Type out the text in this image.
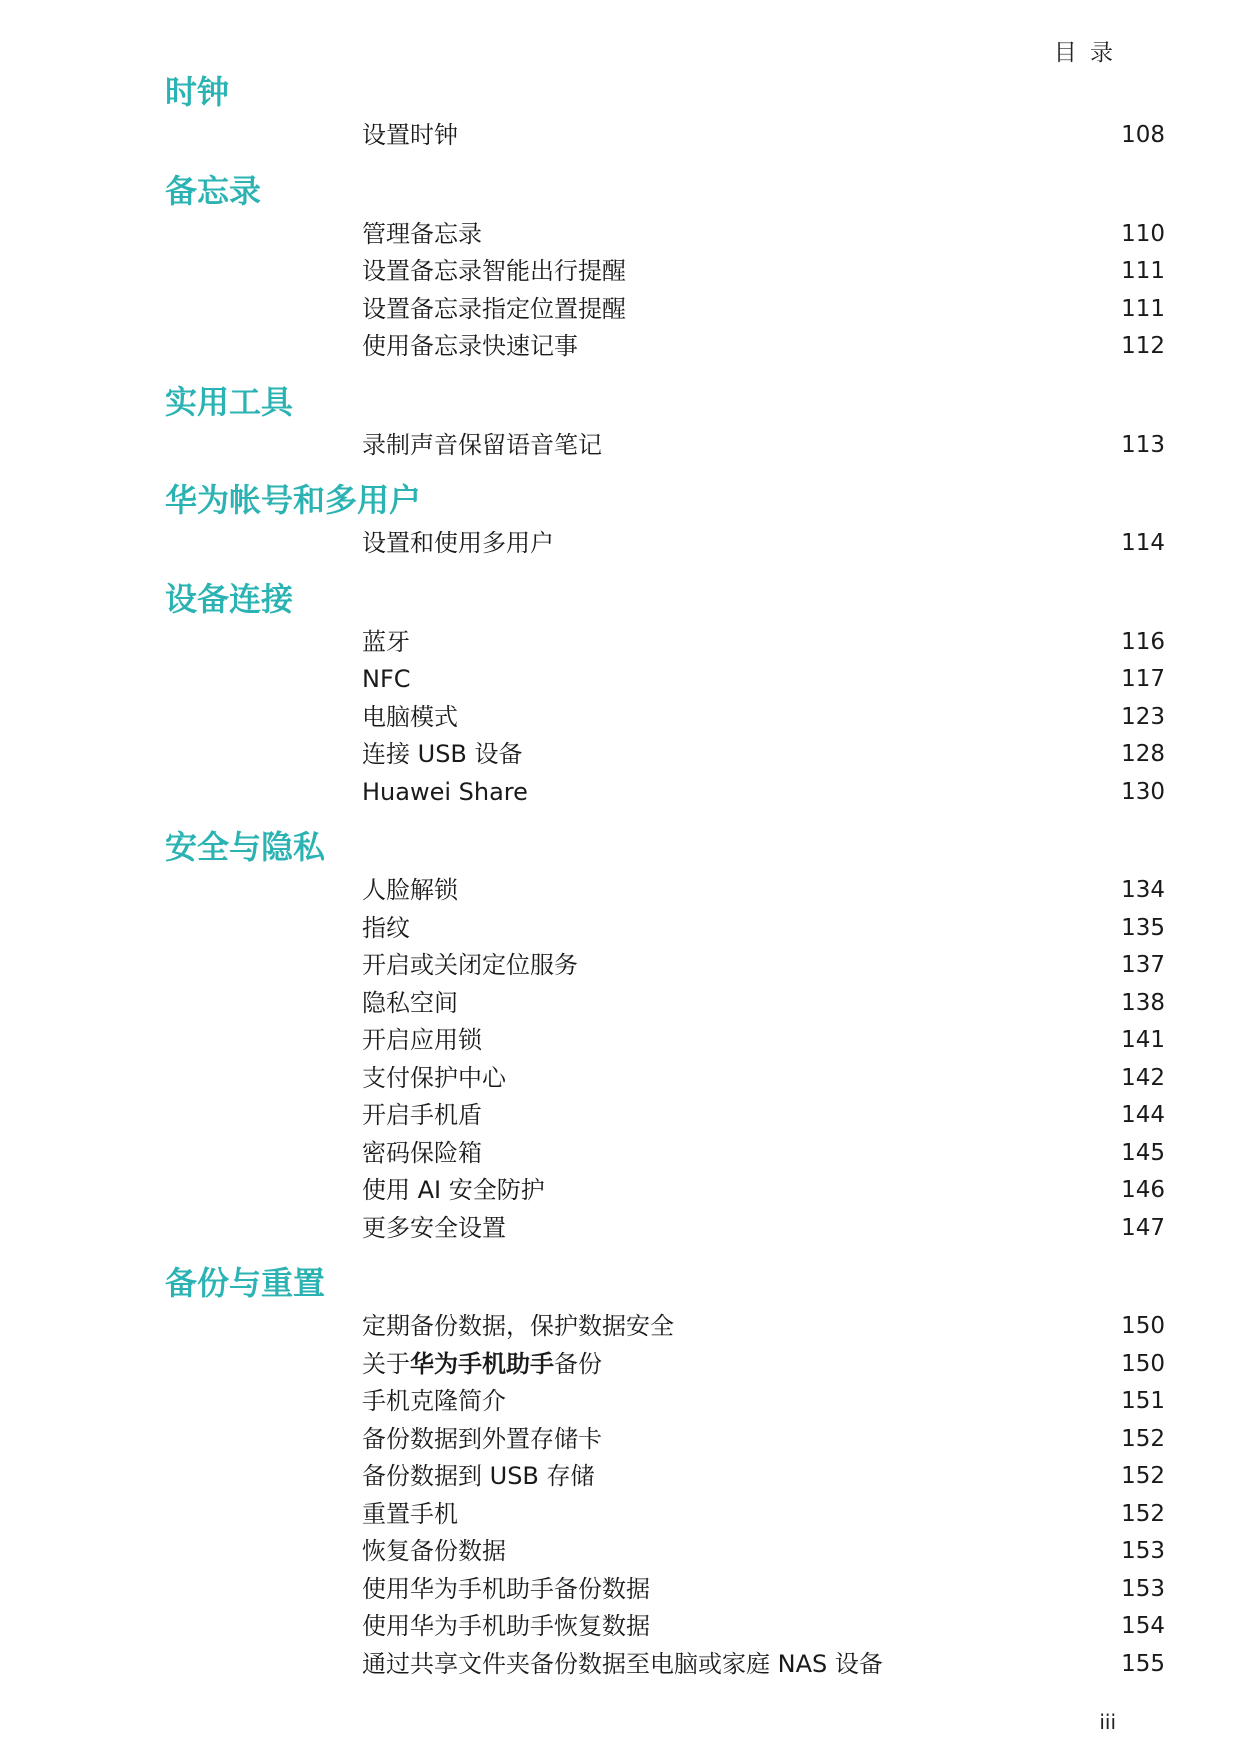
目 录
时钟
设置时钟	108
备忘录
管理备忘录	110
设置备忘录智能出行提醒	111
设置备忘录指定位置提醒	111
使用备忘录快速记事	112
实用工具
录制声音保留语音笔记	113
华为帐号和多用户
设置和使用多用户	114
设备连接
蓝牙	116
NFC	117
电脑模式	123
连接 USB 设备	128
Huawei Share	130
安全与隐私
人脸解锁	134
指纹	135
开启或关闭定位服务	137
隐私空间	138
开启应用锁	141
支付保护中心	142
开启手机盾	144
密码保险箱	145
使用 AI 安全防护	146
更多安全设置	147
备份与重置
定期备份数据，保护数据安全	150
关于华为手机助手备份	150
手机克隆简介	151
备份数据到外置存储卡	152
备份数据到 USB 存储	152
重置手机	152
恢复备份数据	153
使用华为手机助手备份数据	153
使用华为手机助手恢复数据	154
通过共享文件夹备份数据至电脑或家庭 NAS 设备	155
iii
